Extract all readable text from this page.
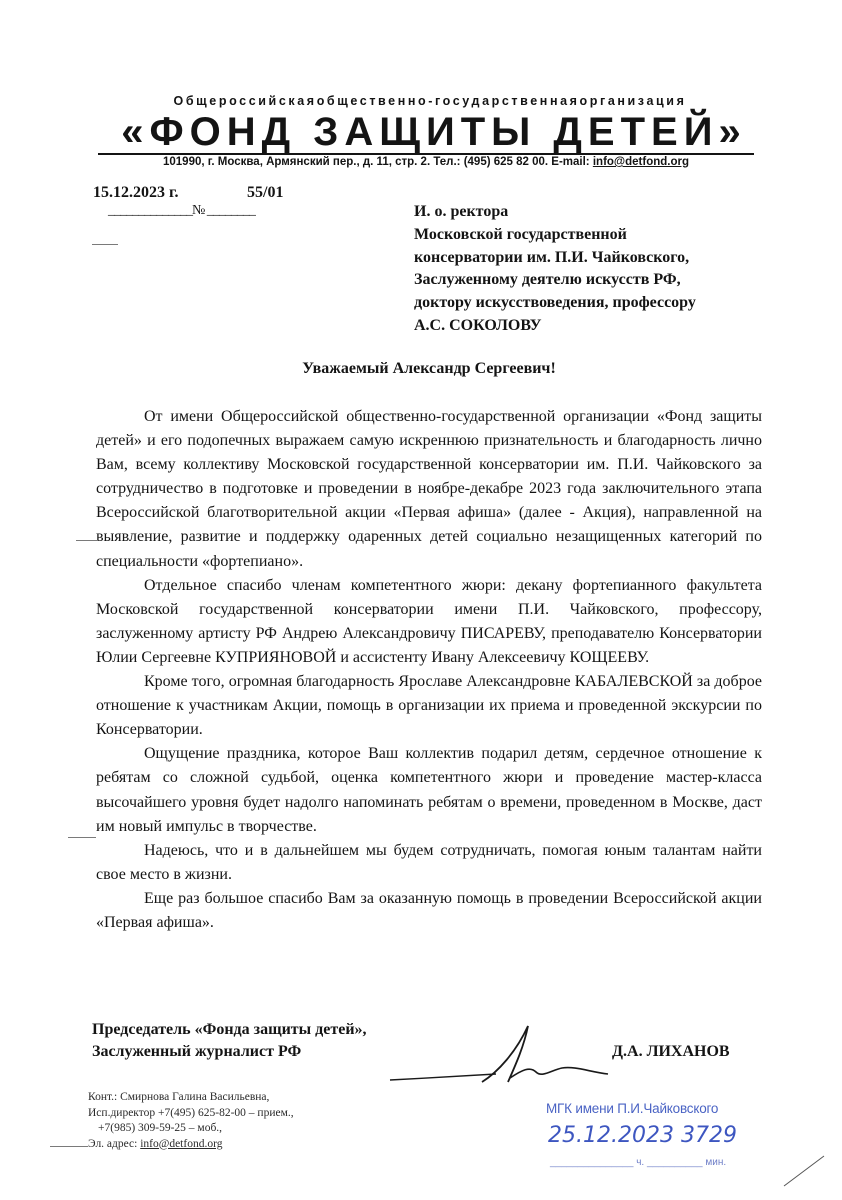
Общероссийскаяобщественно-государственнаяорганизация
«ФОНД ЗАЩИТЫ ДЕТЕЙ»
101990, г. Москва, Армянский пер., д. 11, стр. 2. Тел.: (495) 625 82 00. E-mail: info@detfond.org
15.12.2023 г.	55/01
______________№ ________	И. о. ректора
Московской государственной
консерватории им. П.И. Чайковского,
Заслуженному деятелю искусств РФ,
доктору искусствоведения, профессору
А.С. СОКОЛОВУ
Уважаемый Александр Сергеевич!

От имени Общероссийской общественно-государственной организации «Фонд защиты детей» и его подопечных выражаем самую искреннюю признательность и благодарность лично Вам, всему коллективу Московской государственной консерватории им. П.И. Чайковского за сотрудничество в подготовке и проведении в ноябре-декабре 2023 года заключительного этапа Всероссийской благотворительной акции «Первая афиша» (далее - Акция), направленной на выявление, развитие и поддержку одаренных детей социально незащищенных категорий по специальности «фортепиано».

Отдельное спасибо членам компетентного жюри: декану фортепианного факультета Московской государственной консерватории имени П.И. Чайковского, профессору, заслуженному артисту РФ Андрею Александровичу ПИСАРЕВУ, преподавателю Консерватории Юлии Сергеевне КУПРИЯНОВОЙ и ассистенту Ивану Алексеевичу КОЩЕЕВУ.

Кроме того, огромная благодарность Ярославе Александровне КАБАЛЕВСКОЙ за доброе отношение к участникам Акции, помощь в организации их приема и проведенной экскурсии по Консерватории.

Ощущение праздника, которое Ваш коллектив подарил детям, сердечное отношение к ребятам со сложной судьбой, оценка компетентного жюри и проведение мастер-класса высочайшего уровня будет надолго напоминать ребятам о времени, проведенном в Москве, даст им новый импульс в творчестве.

Надеюсь, что и в дальнейшем мы будем сотрудничать, помогая юным талантам найти свое место в жизни.

Еще раз большое спасибо Вам за оказанную помощь в проведении Всероссийской акции «Первая афиша».

Председатель «Фонда защиты детей»,
Заслуженный журналист РФ	Д.А. ЛИХАНОВ
Конт.: Смирнова Галина Васильевна,
Исп.директор +7(495) 625-82-00 – прием.,
+7(985) 309-59-25 – моб.,
Эл. адрес: info@detfond.org
МГК имени П.И.Чайковского
25.12.2023 3729
_______________ ч. __________ мин.
